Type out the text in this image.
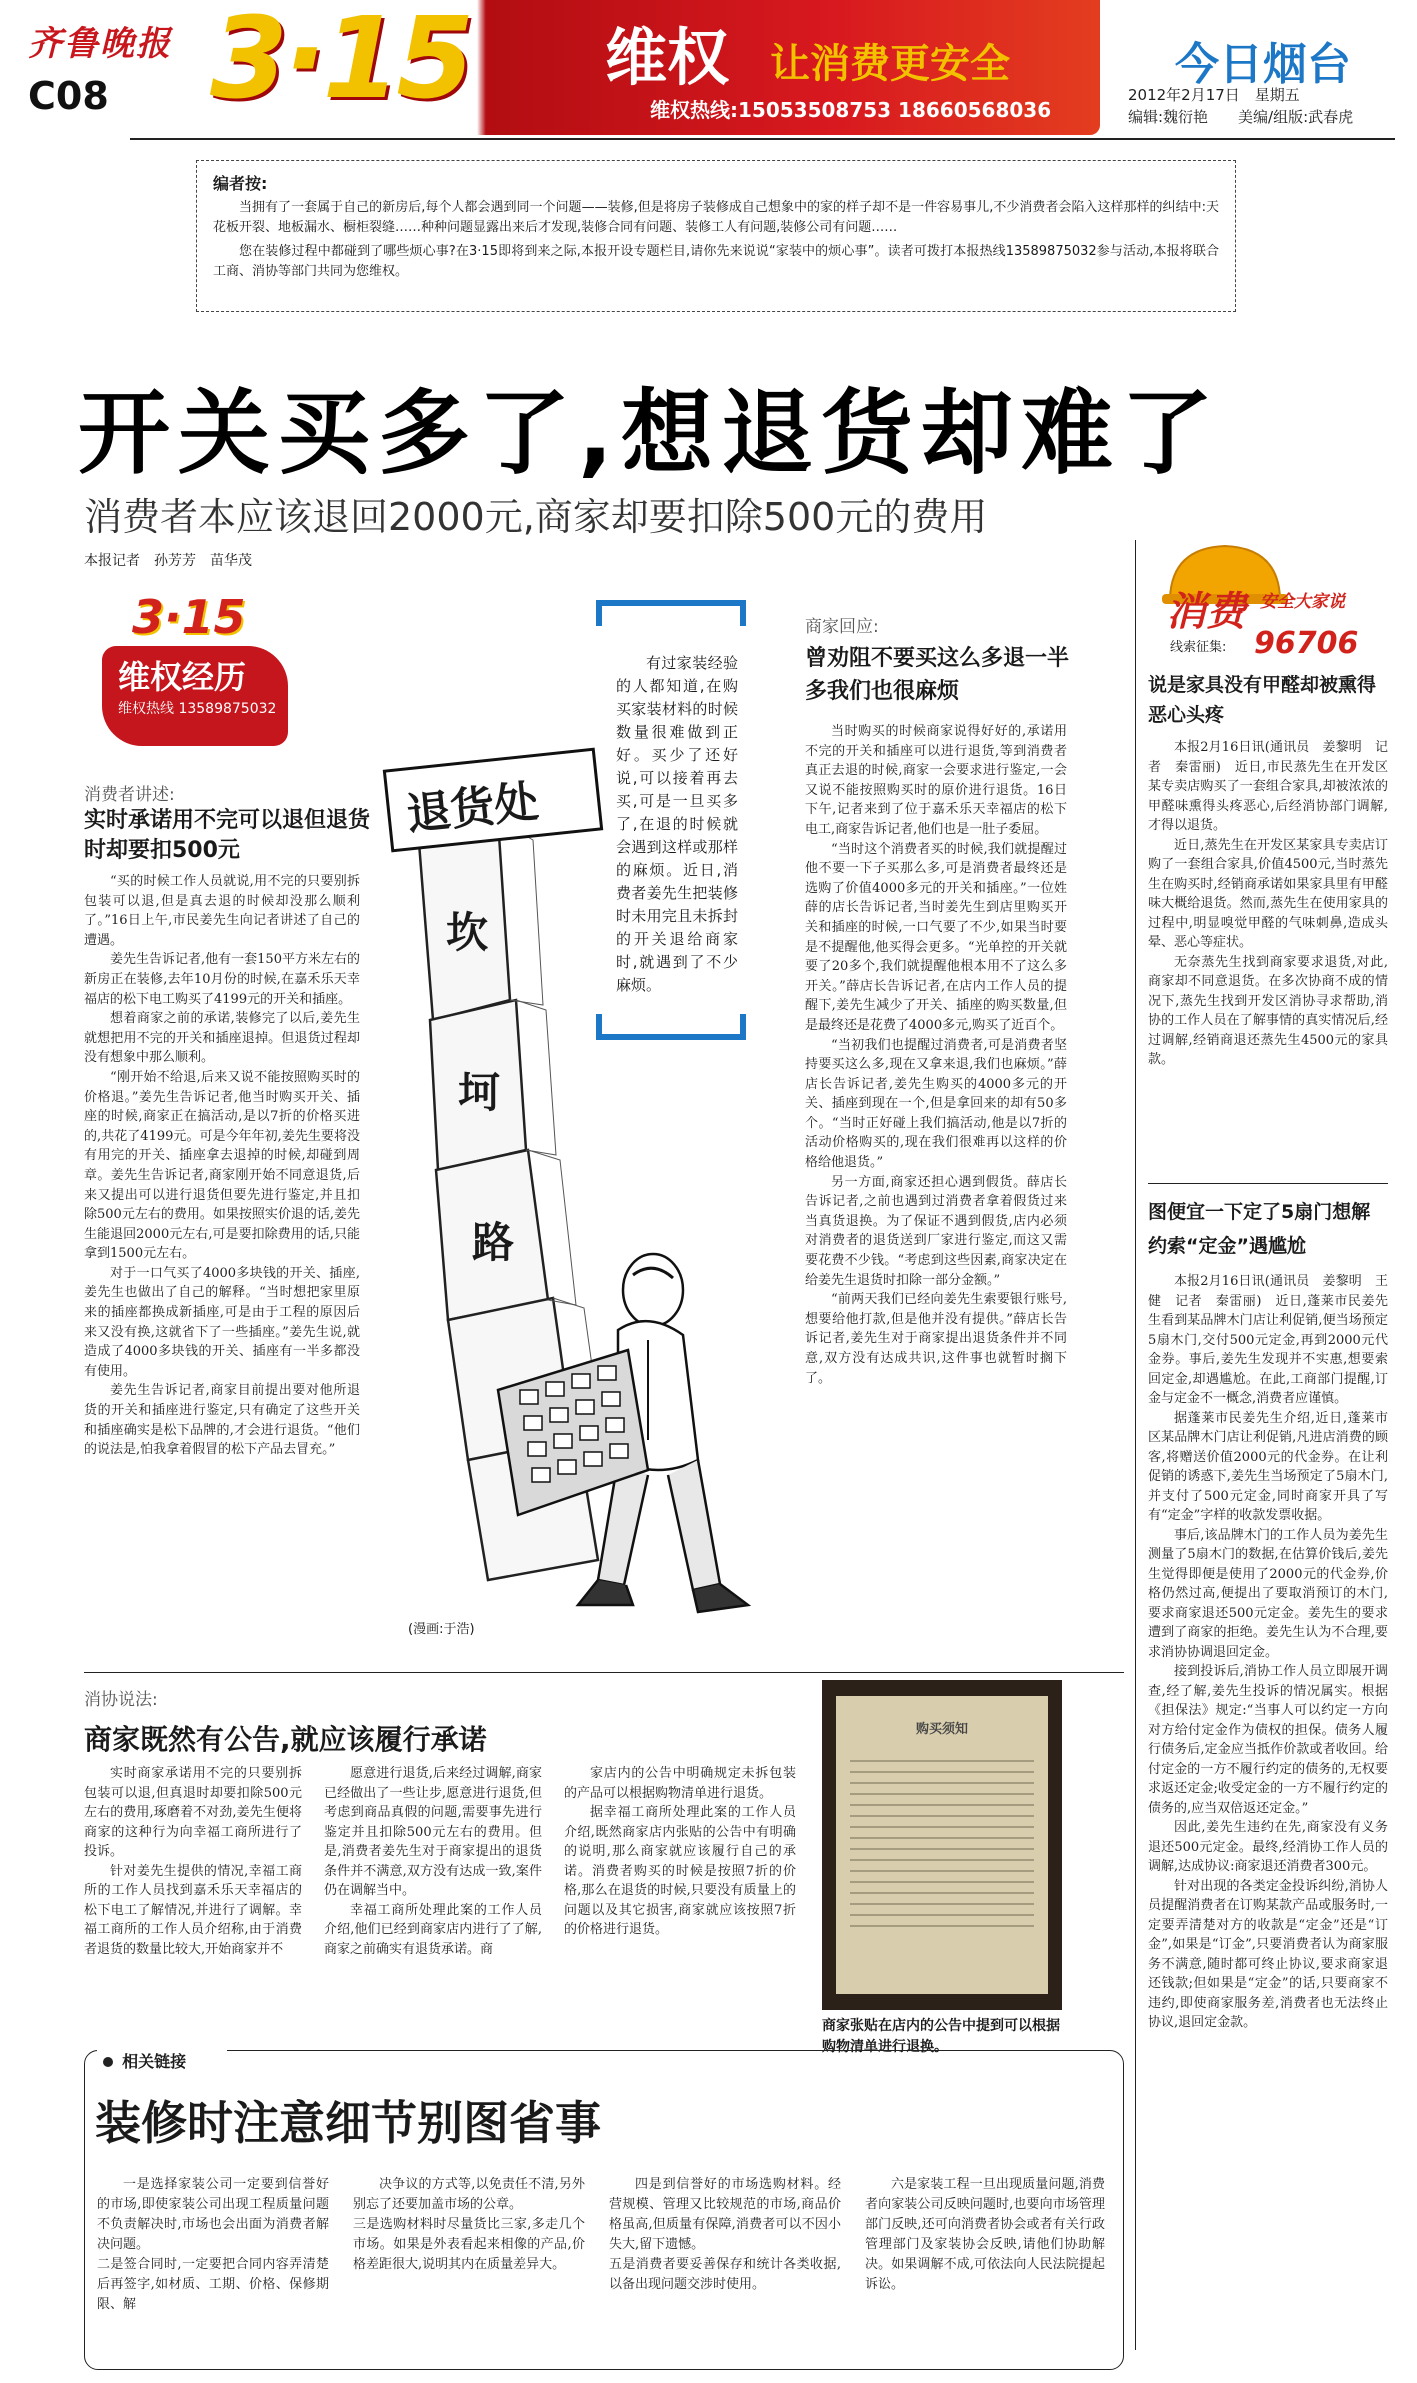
齐鲁晚报
C08 3·15 维权 让消费更安全
维权热线:15053508753 18660568036
今日烟台
2012年2月17日　星期五
编辑:魏衍艳　　美编/组版:武春虎
编者按:

当拥有了一套属于自己的新房后,每个人都会遇到同一个问题——装修,但是将房子装修成自己想象中的家的样子却不是一件容易事儿,不少消费者会陷入这样那样的纠结中:天花板开裂、地板漏水、橱柜裂缝……种种问题显露出来后才发现,装修合同有问题、装修工人有问题,装修公司有问题……

您在装修过程中都碰到了哪些烦心事?在3·15即将到来之际,本报开设专题栏目,请你先来说说“家装中的烦心事”。读者可拨打本报热线13589875032参与活动,本报将联合工商、消协等部门共同为您维权。

开关买多了,想退货却难了
消费者本应该退回2000元,商家却要扣除500元的费用
本报记者　孙芳芳　苗华茂
3·15
维权经历
维权热线 13589875032
消费者讲述:
实时承诺用不完可以退但退货时却要扣500元

“买的时候工作人员就说,用不完的只要别拆包装可以退,但是真去退的时候却没那么顺利了。”16日上午,市民姜先生向记者讲述了自己的遭遇。

姜先生告诉记者,他有一套150平方米左右的新房正在装修,去年10月份的时候,在嘉禾乐天幸福店的松下电工购买了4199元的开关和插座。

想着商家之前的承诺,装修完了以后,姜先生就想把用不完的开关和插座退掉。但退货过程却没有想象中那么顺利。

“刚开始不给退,后来又说不能按照购买时的价格退。”姜先生告诉记者,他当时购买开关、插座的时候,商家正在搞活动,是以7折的价格买进的,共花了4199元。可是今年年初,姜先生要将没有用完的开关、插座拿去退掉的时候,却碰到周章。姜先生告诉记者,商家刚开始不同意退货,后来又提出可以进行退货但要先进行鉴定,并且扣除500元左右的费用。如果按照实价退的话,姜先生能退回2000元左右,可是要扣除费用的话,只能拿到1500元左右。

对于一口气买了4000多块钱的开关、插座,姜先生也做出了自己的解释。“当时想把家里原来的插座都换成新插座,可是由于工程的原因后来又没有换,这就省下了一些插座。”姜先生说,就造成了4000多块钱的开关、插座有一半多都没有使用。

姜先生告诉记者,商家目前提出要对他所退货的开关和插座进行鉴定,只有确定了这些开关和插座确实是松下品牌的,才会进行退货。“他们的说法是,怕我拿着假冒的松下产品去冒充。”

退货处
坎
坷
路
(漫画:于浩)

有过家装经验的人都知道,在购买家装材料的时候数量很难做到正好。买少了还好说,可以接着再去买,可是一旦买多了,在退的时候就会遇到这样或那样的麻烦。近日,消费者姜先生把装修时未用完且未拆封的开关退给商家时,就遇到了不少麻烦。

商家回应:
曾劝阻不要买这么多退一半多我们也很麻烦

当时购买的时候商家说得好好的,承诺用不完的开关和插座可以进行退货,等到消费者真正去退的时候,商家一会要求进行鉴定,一会又说不能按照购买时的原价进行退货。16日下午,记者来到了位于嘉禾乐天幸福店的松下电工,商家告诉记者,他们也是一肚子委屈。

“当时这个消费者买的时候,我们就提醒过他不要一下子买那么多,可是消费者最终还是选购了价值4000多元的开关和插座。”一位姓薛的店长告诉记者,当时姜先生到店里购买开关和插座的时候,一口气要了不少,如果当时要是不提醒他,他买得会更多。“光单控的开关就要了20多个,我们就提醒他根本用不了这么多开关。”薛店长告诉记者,在店内工作人员的提醒下,姜先生减少了开关、插座的购买数量,但是最终还是花费了4000多元,购买了近百个。

“当初我们也提醒过消费者,可是消费者坚持要买这么多,现在又拿来退,我们也麻烦。”薛店长告诉记者,姜先生购买的4000多元的开关、插座到现在一个,但是拿回来的却有50多个。“当时正好碰上我们搞活动,他是以7折的活动价格购买的,现在我们很难再以这样的价格给他退货。”

另一方面,商家还担心遇到假货。薛店长告诉记者,之前也遇到过消费者拿着假货过来当真货退换。为了保证不遇到假货,店内必须对消费者的退货送到厂家进行鉴定,而这又需要花费不少钱。“考虑到这些因素,商家决定在给姜先生退货时扣除一部分金额。”

“前两天我们已经向姜先生索要银行账号,想要给他打款,但是他并没有提供。”薛店长告诉记者,姜先生对于商家提出退货条件并不同意,双方没有达成共识,这件事也就暂时搁下了。

购买须知
商家张贴在店内的公告中提到可以根据购物清单进行退换。
消协说法:
商家既然有公告,就应该履行承诺

实时商家承诺用不完的只要别拆包装可以退,但真退时却要扣除500元左右的费用,琢磨着不对劲,姜先生便将商家的这种行为向幸福工商所进行了投诉。

针对姜先生提供的情况,幸福工商所的工作人员找到嘉禾乐天幸福店的松下电工了解情况,并进行了调解。幸福工商所的工作人员介绍称,由于消费者退货的数量比较大,开始商家并不

愿意进行退货,后来经过调解,商家已经做出了一些让步,愿意进行退货,但考虑到商品真假的问题,需要事先进行鉴定并且扣除500元左右的费用。但是,消费者姜先生对于商家提出的退货条件并不满意,双方没有达成一致,案件仍在调解当中。

幸福工商所处理此案的工作人员介绍,他们已经到商家店内进行了了解,商家之前确实有退货承诺。商

家店内的公告中明确规定未拆包装的产品可以根据购物清单进行退货。

据幸福工商所处理此案的工作人员介绍,既然商家店内张贴的公告中有明确的说明,那么商家就应该履行自己的承诺。消费者购买的时候是按照7折的价格,那么在退货的时候,只要没有质量上的问题以及其它损害,商家就应该按照7折的价格进行退货。

相关链接
装修时注意细节别图省事
一是选择家装公司一定要到信誉好的市场,即使家装公司出现工程质量问题不负责解决时,市场也会出面为消费者解决问题。
二是签合同时,一定要把合同内容弄清楚后再签字,如材质、工期、价格、保修期限、解
决争议的方式等,以免责任不清,另外别忘了还要加盖市场的公章。
三是选购材料时尽量货比三家,多走几个市场。如果是外表看起来相像的产品,价格差距很大,说明其内在质量差异大。
四是到信誉好的市场选购材料。经营规模、管理又比较规范的市场,商品价格虽高,但质量有保障,消费者可以不因小失大,留下遗憾。
五是消费者要妥善保存和统计各类收据,以备出现问题交涉时使用。
六是家装工程一旦出现质量问题,消费者向家装公司反映问题时,也要向市场管理部门反映,还可向消费者协会或者有关行政管理部门及家装协会反映,请他们协助解决。如果调解不成,可依法向人民法院提起诉讼。
消费 安全大家说
线索征集: 96706
说是家具没有甲醛却被熏得恶心头疼

本报2月16日讯(通讯员　姜黎明　记者　秦雷丽)　近日,市民蒸先生在开发区某专卖店购买了一套组合家具,却被浓浓的甲醛味熏得头疼恶心,后经消协部门调解,才得以退货。

近日,蒸先生在开发区某家具专卖店订购了一套组合家具,价值4500元,当时蒸先生在购买时,经销商承诺如果家具里有甲醛味大概给退货。然而,蒸先生在使用家具的过程中,明显嗅觉甲醛的气味刺鼻,造成头晕、恶心等症状。

无奈蒸先生找到商家要求退货,对此,商家却不同意退货。在多次协商不成的情况下,蒸先生找到开发区消协寻求帮助,消协的工作人员在了解事情的真实情况后,经过调解,经销商退还蒸先生4500元的家具款。

图便宜一下定了5扇门想解约索“定金”遇尴尬

本报2月16日讯(通讯员　姜黎明　王健　记者　秦雷丽)　近日,蓬莱市民姜先生看到某品牌木门店让利促销,便当场预定5扇木门,交付500元定金,再到2000元代金券。事后,姜先生发现并不实惠,想要索回定金,却遇尴尬。在此,工商部门提醒,订金与定金不一概念,消费者应谨慎。

据蓬莱市民姜先生介绍,近日,蓬莱市区某品牌木门店让利促销,凡进店消费的顾客,将赠送价值2000元的代金券。在让利促销的诱惑下,姜先生当场预定了5扇木门,并支付了500元定金,同时商家开具了写有“定金”字样的收款发票收据。

事后,该品牌木门的工作人员为姜先生测量了5扇木门的数据,在估算价钱后,姜先生觉得即便是使用了2000元的代金券,价格仍然过高,便提出了要取消预订的木门,要求商家退还500元定金。姜先生的要求遭到了商家的拒绝。姜先生认为不合理,要求消协协调退回定金。

接到投诉后,消协工作人员立即展开调查,经了解,姜先生投诉的情况属实。根据《担保法》规定:“当事人可以约定一方向对方给付定金作为债权的担保。债务人履行债务后,定金应当抵作价款或者收回。给付定金的一方不履行约定的债务的,无权要求返还定金;收受定金的一方不履行约定的债务的,应当双倍返还定金。”

因此,姜先生违约在先,商家没有义务退还500元定金。最终,经消协工作人员的调解,达成协议:商家退还消费者300元。

针对出现的各类定金投诉纠纷,消协人员提醒消费者在订购某款产品或服务时,一定要弄清楚对方的收款是“定金”还是“订金”,如果是“订金”,只要消费者认为商家服务不满意,随时都可终止协议,要求商家退还钱款;但如果是“定金”的话,只要商家不违约,即使商家服务差,消费者也无法终止协议,退回定金款。
